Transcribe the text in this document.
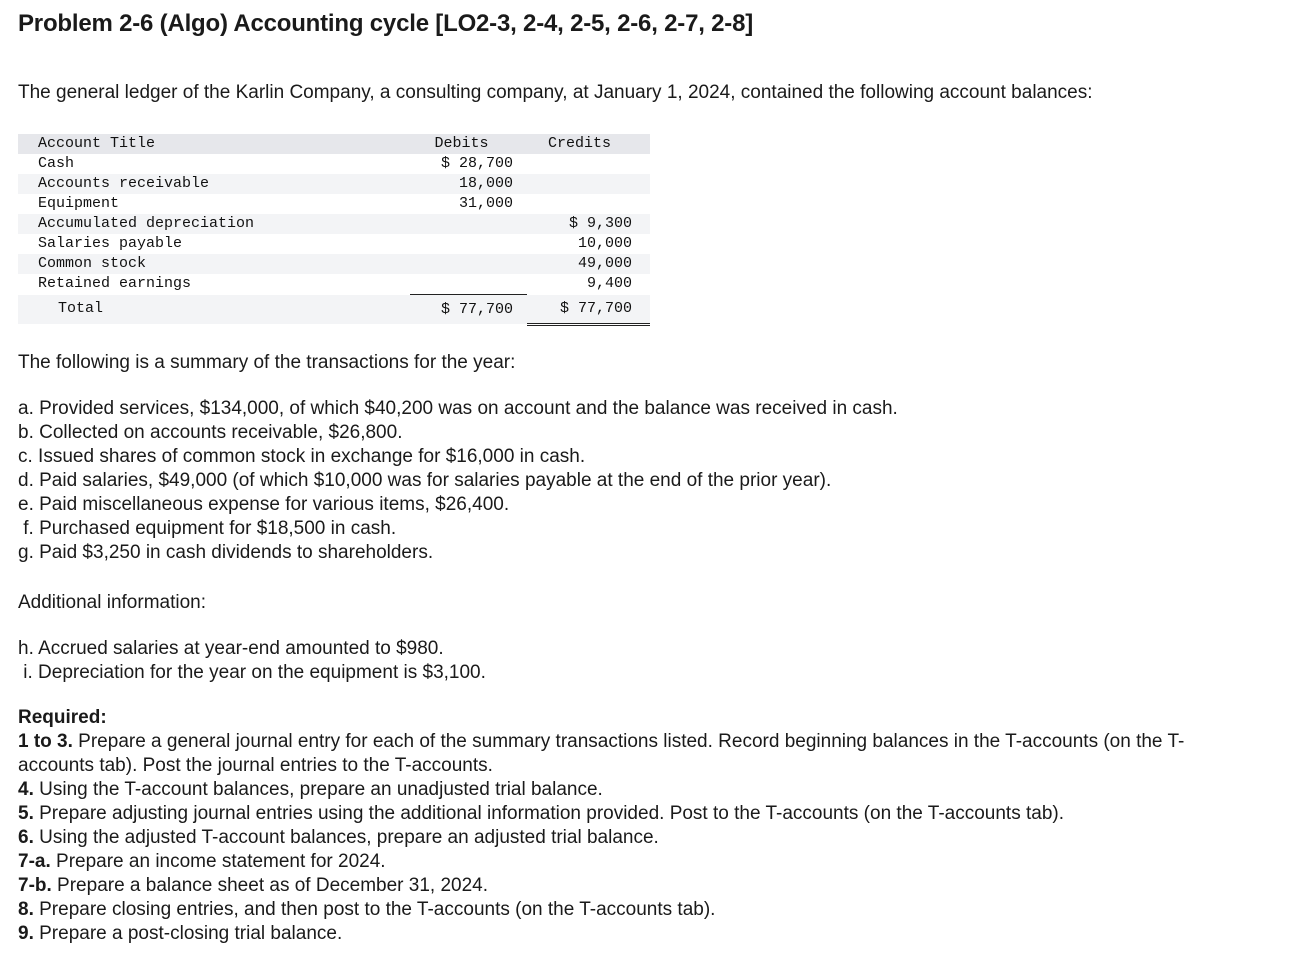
Problem 2-6 (Algo) Accounting cycle [LO2-3, 2-4, 2-5, 2-6, 2-7, 2-8]
The general ledger of the Karlin Company, a consulting company, at January 1, 2024, contained the following account balances:
Account Title	Debits	Credits
Cash	$ 28,700	
Accounts receivable	18,000	
Equipment	31,000	
Accumulated depreciation		$ 9,300
Salaries payable		10,000
Common stock		49,000
Retained earnings		9,400
Total	$ 77,700	$ 77,700
The following is a summary of the transactions for the year:
a. Provided services, $134,000, of which $40,200 was on account and the balance was received in cash.
b. Collected on accounts receivable, $26,800.
c. Issued shares of common stock in exchange for $16,000 in cash.
d. Paid salaries, $49,000 (of which $10,000 was for salaries payable at the end of the prior year).
e. Paid miscellaneous expense for various items, $26,400.
f. Purchased equipment for $18,500 in cash.
g. Paid $3,250 in cash dividends to shareholders.
Additional information:
h. Accrued salaries at year-end amounted to $980.
i. Depreciation for the year on the equipment is $3,100.
Required:
1 to 3. Prepare a general journal entry for each of the summary transactions listed. Record beginning balances in the T-accounts (on the T-accounts tab). Post the journal entries to the T-accounts.
4. Using the T-account balances, prepare an unadjusted trial balance.
5. Prepare adjusting journal entries using the additional information provided. Post to the T-accounts (on the T-accounts tab).
6. Using the adjusted T-account balances, prepare an adjusted trial balance.
7-a. Prepare an income statement for 2024.
7-b. Prepare a balance sheet as of December 31, 2024.
8. Prepare closing entries, and then post to the T-accounts (on the T-accounts tab).
9. Prepare a post-closing trial balance.
